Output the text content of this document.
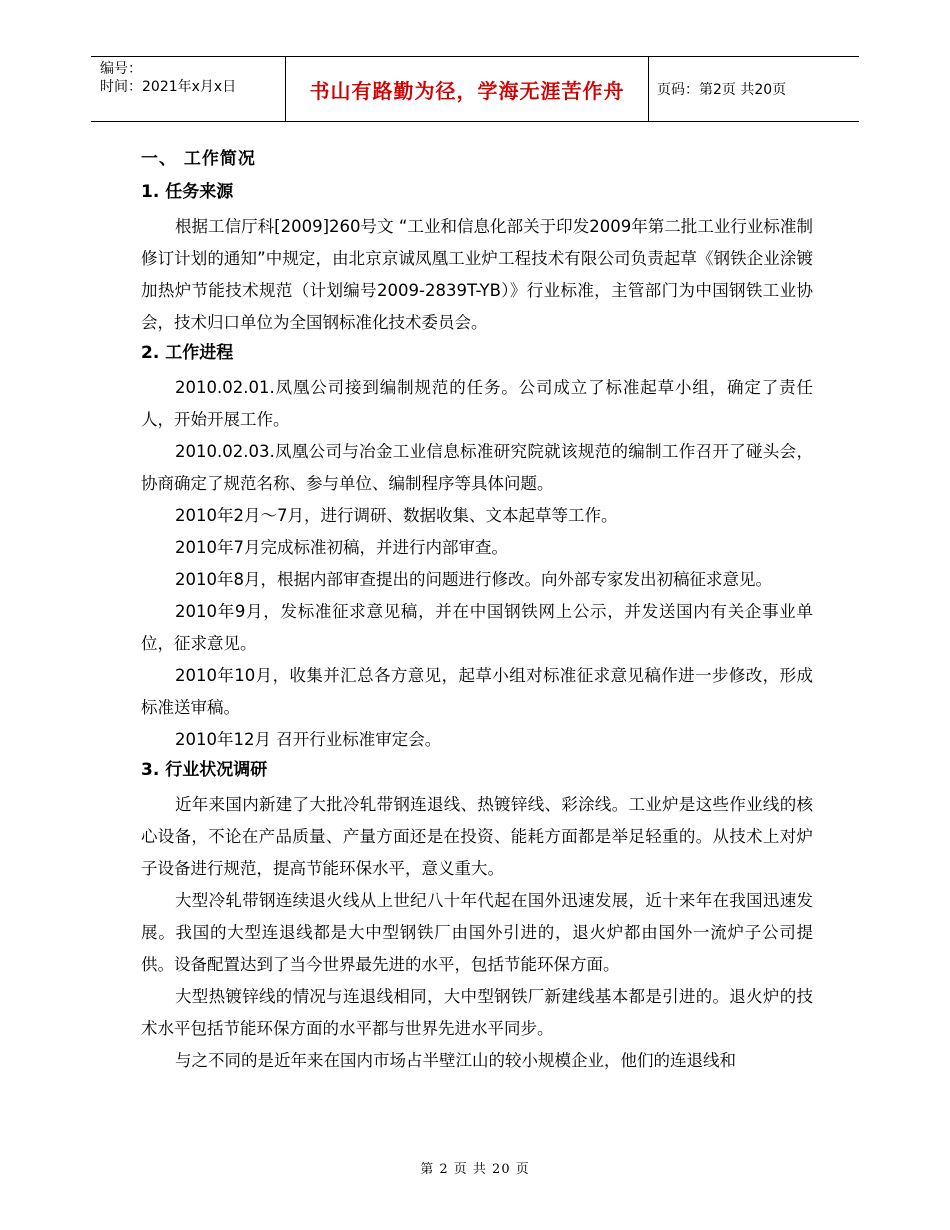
编号：
时间：2021年x月x日	书山有路勤为径，学海无涯苦作舟	页码：第2页 共20页
一、 工作简况
1. 任务来源

根据工信厅科[2009]260号文 “工业和信息化部关于印发2009年第二批工业行业标准制修订计划的通知”中规定，由北京京诚凤凰工业炉工程技术有限公司负责起草《钢铁企业涂镀加热炉节能技术规范（计划编号2009-2839T-YB）》行业标准，主管部门为中国钢铁工业协会，技术归口单位为全国钢标准化技术委员会。

2. 工作进程

2010.02.01.凤凰公司接到编制规范的任务。公司成立了标准起草小组，确定了责任人，开始开展工作。

2010.02.03.凤凰公司与冶金工业信息标准研究院就该规范的编制工作召开了碰头会，协商确定了规范名称、参与单位、编制程序等具体问题。

2010年2月～7月，进行调研、数据收集、文本起草等工作。

2010年7月完成标准初稿，并进行内部审查。

2010年8月，根据内部审查提出的问题进行修改。向外部专家发出初稿征求意见。

2010年9月，发标准征求意见稿，并在中国钢铁网上公示，并发送国内有关企事业单位，征求意见。

2010年10月，收集并汇总各方意见，起草小组对标准征求意见稿作进一步修改，形成标准送审稿。

2010年12月 召开行业标准审定会。

3. 行业状况调研

近年来国内新建了大批冷轧带钢连退线、热镀锌线、彩涂线。工业炉是这些作业线的核心设备，不论在产品质量、产量方面还是在投资、能耗方面都是举足轻重的。从技术上对炉子设备进行规范，提高节能环保水平，意义重大。

大型冷轧带钢连续退火线从上世纪八十年代起在国外迅速发展，近十来年在我国迅速发展。我国的大型连退线都是大中型钢铁厂由国外引进的，退火炉都由国外一流炉子公司提供。设备配置达到了当今世界最先进的水平，包括节能环保方面。

大型热镀锌线的情况与连退线相同，大中型钢铁厂新建线基本都是引进的。退火炉的技术水平包括节能环保方面的水平都与世界先进水平同步。

与之不同的是近年来在国内市场占半壁江山的较小规模企业，他们的连退线和

第 2 页 共 20 页
